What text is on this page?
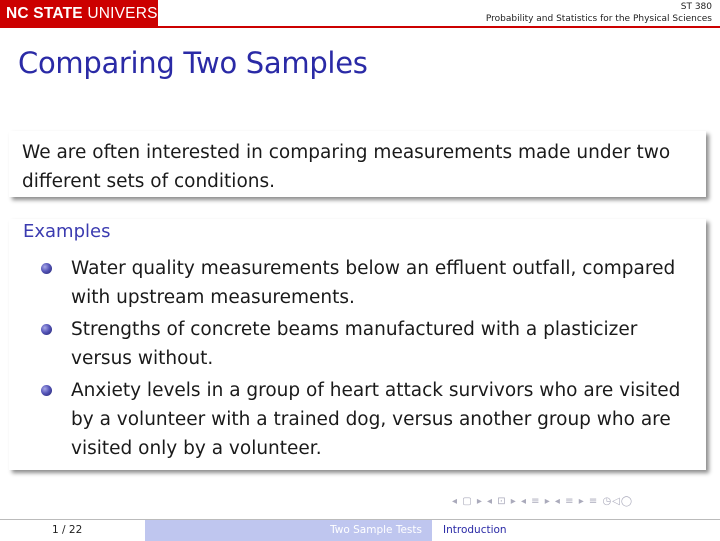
NC STATE UNIVERSITY	ST 380
Probability and Statistics for the Physical Sciences
Comparing Two Samples

We are often interested in comparing measurements made under two different sets of conditions.

Examples
Water quality measurements below an effluent outfall, compared with upstream measurements.
Strengths of concrete beams manufactured with a plasticizer versus without.
Anxiety levels in a group of heart attack survivors who are visited by a volunteer with a trained dog, versus another group who are visited only by a volunteer.
◂ ▢ ▸ ◂ ⊡ ▸ ◂ ≡ ▸ ◂ ≡ ▸ ≡ ◷◁◯
1 / 22	Two Sample Tests Introduction
